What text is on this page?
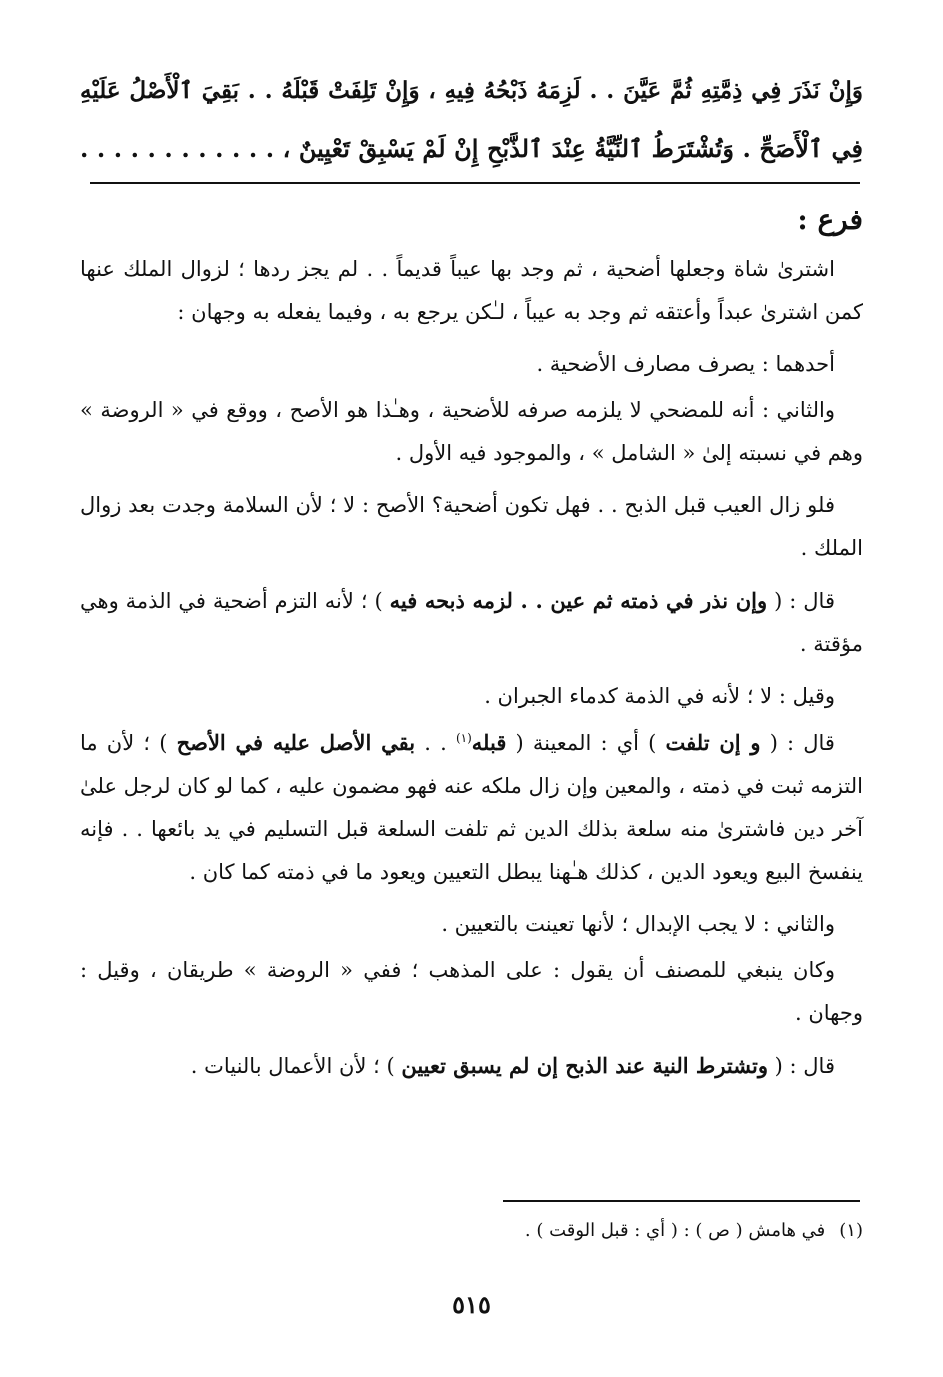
وَإِنْ نَذَرَ فِي ذِمَّتِهِ ثُمَّ عَيَّنَ . . لَزِمَهُ ذَبْحُهُ فِيهِ ، وَإِنْ تَلِفَتْ قَبْلَهُ . . بَقِيَ ٱلْأَصْلُ عَلَيْهِ
فِي ٱلْأَصَحِّ . وَتُشْتَرَطُ ٱلنِّيَّةُ عِنْدَ ٱلذَّبْحِ إِنْ لَمْ يَسْبِقْ تَعْيِينٌ ، . . . . . . . . . . . .
فرع :

اشترىٰ شاة وجعلها أضحية ، ثم وجد بها عيباً قديماً . . لم يجز ردها ؛ لزوال الملك عنها كمن اشترىٰ عبداً وأعتقه ثم وجد به عيباً ، لـٰكن يرجع به ، وفيما يفعله به وجهان :

أحدهما : يصرف مصارف الأضحية .

والثاني : أنه للمضحي لا يلزمه صرفه للأضحية ، وهـٰذا هو الأصح ، ووقع في « الروضة » وهم في نسبته إلىٰ « الشامل » ، والموجود فيه الأول .

فلو زال العيب قبل الذبح . . فهل تكون أضحية؟ الأصح : لا ؛ لأن السلامة وجدت بعد زوال الملك .

قال : ( وإن نذر في ذمته ثم عين . . لزمه ذبحه فيه ) ؛ لأنه التزم أضحية في الذمة وهي مؤقتة .

وقيل : لا ؛ لأنه في الذمة كدماء الجبران .

قال : ( و إن تلفت ) أي : المعينة ( قبله$^{(١)}$ . . بقي الأصل عليه في الأصح ) ؛ لأن ما التزمه ثبت في ذمته ، والمعين وإن زال ملكه عنه فهو مضمون عليه ، كما لو كان لرجل علىٰ آخر دين فاشترىٰ منه سلعة بذلك الدين ثم تلفت السلعة قبل التسليم في يد بائعها . . فإنه ينفسخ البيع ويعود الدين ، كذلك هـٰهنا يبطل التعيين ويعود ما في ذمته كما كان .

والثاني : لا يجب الإبدال ؛ لأنها تعينت بالتعيين .

وكان ينبغي للمصنف أن يقول : على المذهب ؛ ففي « الروضة » طريقان ، وقيل : وجهان .

قال : ( وتشترط النية عند الذبح إن لم يسبق تعيين ) ؛ لأن الأعمال بالنيات .

(١)في هامش ( ص ) : ( أي : قبل الوقت ) .
٥١٥
